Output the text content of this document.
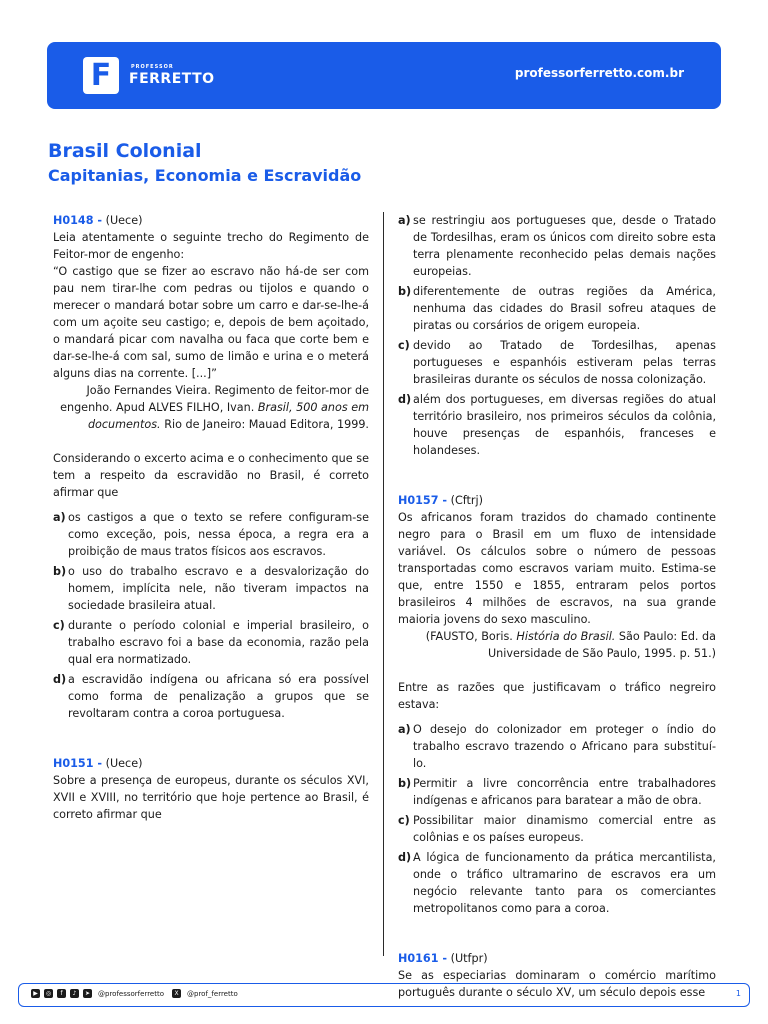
F	PROFESSOR
FERRETTO	professorferretto.com.br
Brasil Colonial
Capitanias, Economia e Escravidão

H0148 - (Uece)

Leia atentamente o seguinte trecho do Regimento de Feitor-mor de engenho:

“O castigo que se fizer ao escravo não há-de ser com pau nem tirar-lhe com pedras ou tijolos e quando o merecer o mandará botar sobre um carro e dar-se-lhe-á com um açoite seu castigo; e, depois de bem açoitado, o mandará picar com navalha ou faca que corte bem e dar-se-lhe-á com sal, sumo de limão e urina e o meterá alguns dias na corrente. [...]”

João Fernandes Vieira. Regimento de feitor-mor de engenho. Apud ALVES FILHO, Ivan. Brasil, 500 anos em documentos. Rio de Janeiro: Mauad Editora, 1999.

Considerando o excerto acima e o conhecimento que se tem a respeito da escravidão no Brasil, é correto afirmar que

a) os castigos a que o texto se refere configuram-se como exceção, pois, nessa época, a regra era a proibição de maus tratos físicos aos escravos.
b) o uso do trabalho escravo e a desvalorização do homem, implícita nele, não tiveram impactos na sociedade brasileira atual.
c) durante o período colonial e imperial brasileiro, o trabalho escravo foi a base da economia, razão pela qual era normatizado.
d) a escravidão indígena ou africana só era possível como forma de penalização a grupos que se revoltaram contra a coroa portuguesa.

H0151 - (Uece)

Sobre a presença de europeus, durante os séculos XVI, XVII e XVIII, no território que hoje pertence ao Brasil, é correto afirmar que

a) se restringiu aos portugueses que, desde o Tratado de Tordesilhas, eram os únicos com direito sobre esta terra plenamente reconhecido pelas demais nações europeias.
b) diferentemente de outras regiões da América, nenhuma das cidades do Brasil sofreu ataques de piratas ou corsários de origem europeia.
c) devido ao Tratado de Tordesilhas, apenas portugueses e espanhóis estiveram pelas terras brasileiras durante os séculos de nossa colonização.
d) além dos portugueses, em diversas regiões do atual território brasileiro, nos primeiros séculos da colônia, houve presenças de espanhóis, franceses e holandeses.

H0157 - (Cftrj)

Os africanos foram trazidos do chamado continente negro para o Brasil em um fluxo de intensidade variável. Os cálculos sobre o número de pessoas transportadas como escravos variam muito. Estima-se que, entre 1550 e 1855, entraram pelos portos brasileiros 4 milhões de escravos, na sua grande maioria jovens do sexo masculino.

(FAUSTO, Boris. História do Brasil. São Paulo: Ed. da Universidade de São Paulo, 1995. p. 51.)

Entre as razões que justificavam o tráfico negreiro estava:

a) O desejo do colonizador em proteger o índio do trabalho escravo trazendo o Africano para substituí-lo.
b) Permitir a livre concorrência entre trabalhadores indígenas e africanos para baratear a mão de obra.
c) Possibilitar maior dinamismo comercial entre as colônias e os países europeus.
d) A lógica de funcionamento da prática mercantilista, onde o tráfico ultramarino de escravos era um negócio relevante tanto para os comerciantes metropolitanos como para a coroa.

H0161 - (Utfpr)

Se as especiarias dominaram o comércio marítimo português durante o século XV, um século depois esse

▶	◎	f	♪	➤ @professorferretto	X	@prof_ferretto	1
